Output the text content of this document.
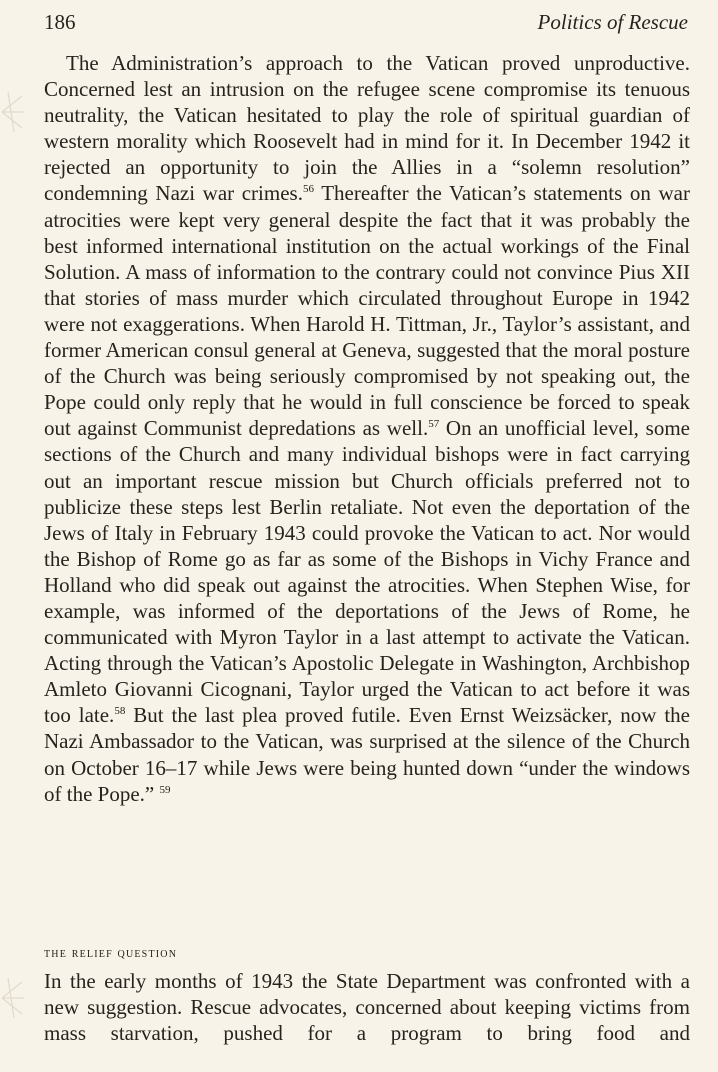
186	Politics of Rescue

The Administration’s approach to the Vatican proved unproductive. Concerned lest an intrusion on the refugee scene compromise its tenuous neutrality, the Vatican hesitated to play the role of spiritual guardian of western morality which Roosevelt had in mind for it. In December 1942 it rejected an opportunity to join the Allies in a “solemn resolution” condemning Nazi war crimes.$^{56}$ Thereafter the Vatican’s statements on war atrocities were kept very general despite the fact that it was probably the best informed international institution on the actual workings of the Final Solution. A mass of information to the contrary could not convince Pius XII that stories of mass murder which circulated throughout Europe in 1942 were not exaggerations. When Harold H. Tittman, Jr., Taylor’s assistant, and former American consul general at Geneva, suggested that the moral posture of the Church was being seriously compromised by not speaking out, the Pope could only reply that he would in full conscience be forced to speak out against Communist depredations as well.$^{57}$ On an unofficial level, some sections of the Church and many individual bishops were in fact carrying out an important rescue mission but Church officials preferred not to publicize these steps lest Berlin retaliate. Not even the deportation of the Jews of Italy in February 1943 could provoke the Vatican to act. Nor would the Bishop of Rome go as far as some of the Bishops in Vichy France and Holland who did speak out against the atrocities. When Stephen Wise, for example, was informed of the deportations of the Jews of Rome, he communicated with Myron Taylor in a last attempt to activate the Vatican. Acting through the Vatican’s Apostolic Delegate in Washington, Archbishop Amleto Giovanni Cicognani, Taylor urged the Vatican to act before it was too late.$^{58}$ But the last plea proved futile. Even Ernst Weizsäcker, now the Nazi Ambassador to the Vatican, was surprised at the silence of the Church on October 16–17 while Jews were being hunted down “under the windows of the Pope.” $^{59}$

the relief question

In the early months of 1943 the State Department was confronted with a new suggestion. Rescue advocates, concerned about keeping victims from mass starvation, pushed for a program to bring food and
